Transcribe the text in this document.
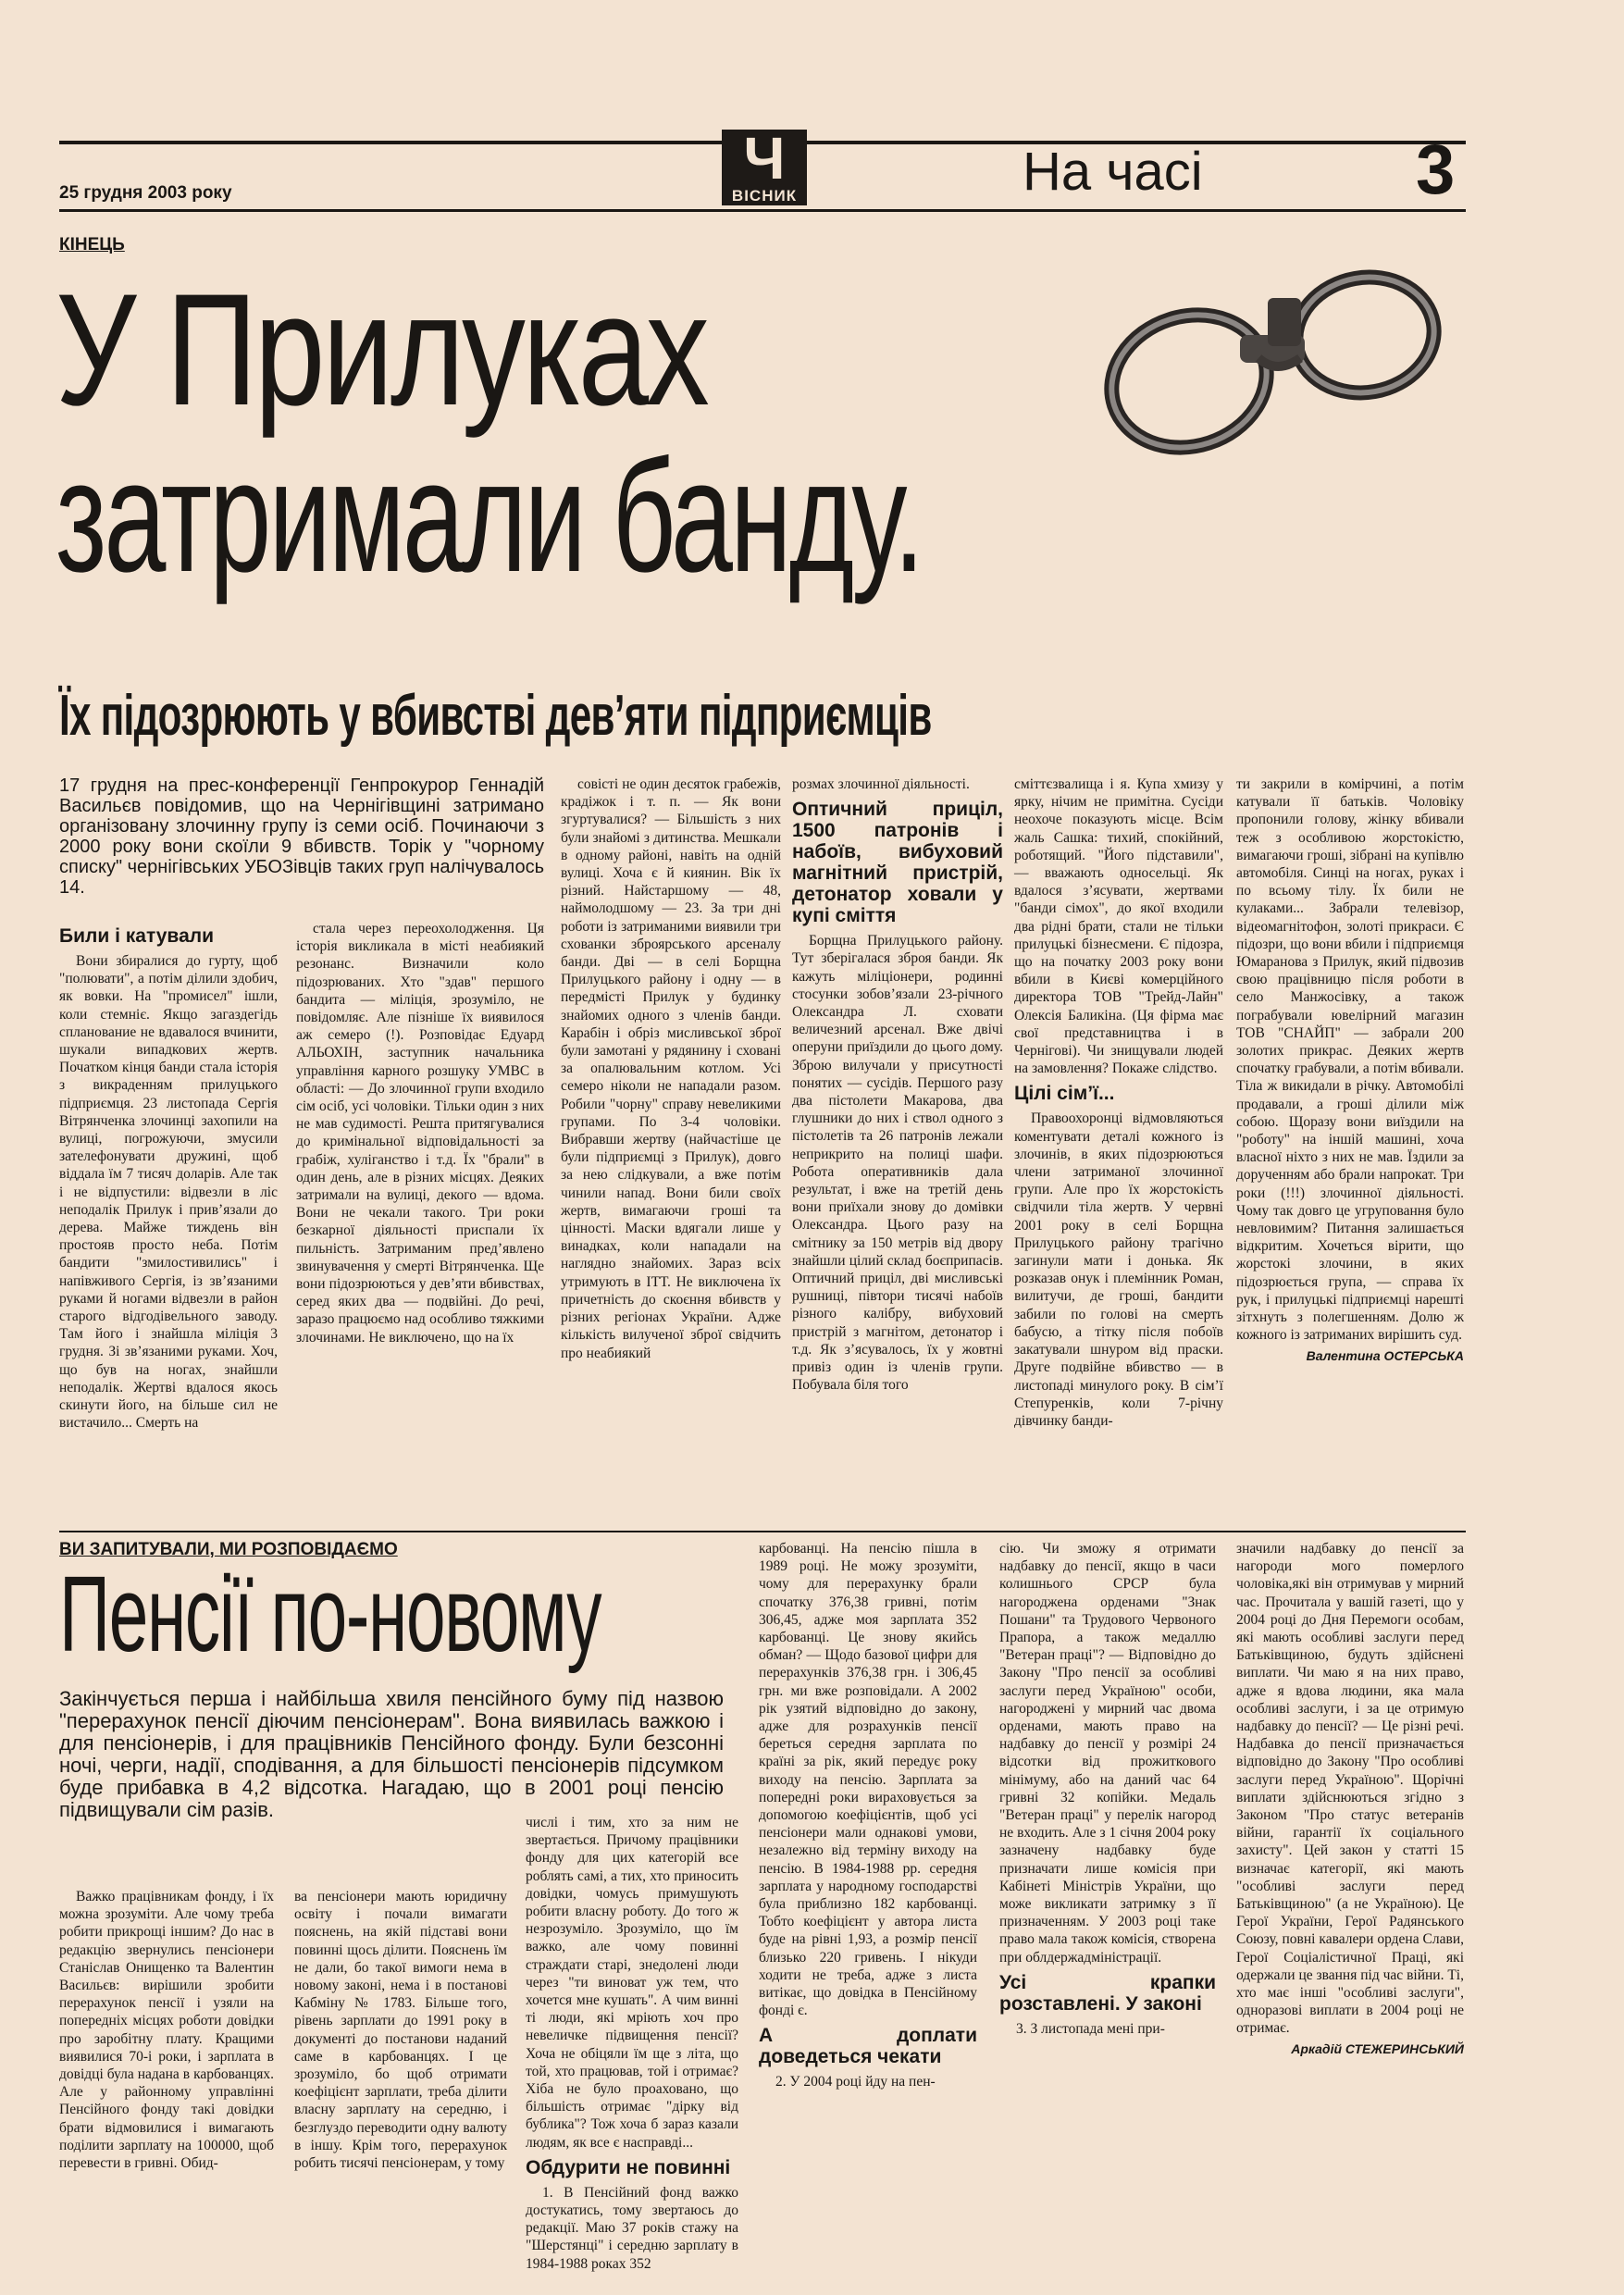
25 грудня 2003 року
Ч
ВІСНИК	На часі	3
КІНЕЦЬ
У Прилуках
затримали банду.
Їх підозрюють у вбивстві дев’яти підприємців
17 грудня на прес-конференції Генпрокурор Геннадій Васильєв повідомив, що на Чернігівщині затримано організовану злочинну групу із семи осіб. Починаючи з 2000 року вони скоїли 9 вбивств. Торік у "чорному списку" чернігівських УБОЗівців таких груп налічувалось 14.
Били і катували

Вони збиралися до гурту, щоб "полювати", а потім ділили здобич, як вовки. На "промисел" ішли, коли стемніє. Якщо загаздегідь спланование не вдавалося вчинити, шукали випадкових жертв. Початком кінця банди стала історія з викраденням прилуцького підприємця. 23 листопада Сергія Вітрянченка злочинці захопили на вулиці, погрожуючи, змусили зателефонувати дружині, щоб віддала їм 7 тисяч доларів. Але так і не відпустили: відвезли в ліс неподалік Прилук і прив’язали до дерева. Майже тиждень він простояв просто неба. Потім бандити "змилостивились" і напівживого Сергія, із зв’язаними руками й ногами відвезли в район старого відгодівельного заводу. Там його і знайшла міліція 3 грудня. Зі зв’язаними руками. Хоч, що був на ногах, знайшли неподалік. Жертві вдалося якось скинути його, на більше сил не вистачило... Смерть на

стала через переохолодження. Ця історія викликала в місті неабиякий резонанс. Визначили коло підозрюваних. Хто "здав" першого бандита — міліція, зрозуміло, не повідомляє. Але пізніше їх виявилося аж семеро (!). Розповідає Едуард АЛЬОХІН, заступник начальника управління карного розшуку УМВС в області: — До злочинної групи входило сім осіб, усі чоловіки. Тільки один з них не мав судимості. Решта притягувалися до кримінальної відповідальності за грабіж, хуліганство і т.д. Їх "брали" в один день, але в різних місцях. Деяких затримали на вулиці, декого — вдома. Вони не чекали такого. Три роки безкарної діяльності приспали їх пильність. Затриманим пред’явлено звинувачення у смерті Вітрянченка. Ще вони підозрюються у дев’яти вбивствах, серед яких два — подвійні. До речі, заразо працюємо над особливо тяжкими злочинами. Не виключено, що на їх

совісті не один десяток грабежів, крадіжок і т. п. — Як вони згуртувалися? — Більшість з них були знайомі з дитинства. Мешкали в одному районі, навіть на одній вулиці. Хоча є й киянин. Вік їх різний. Найстаршому — 48, наймолодшому — 23. За три дні роботи із затриманими виявили три схованки зброярського арсеналу банди. Дві — в селі Борщна Прилуцького району і одну — в передмісті Прилук у будинку знайомих одного з членів банди. Карабін і обріз мисливської зброї були замотані у рядянину і сховані за опалювальним котлом. Усі семеро ніколи не нападали разом. Робили "чорну" справу невеликими групами. По 3-4 чоловіки. Вибравши жертву (найчастіше це були підприємці з Прилук), довго за нею слідкували, а вже потім чинили напад. Вони били своїх жертв, вимагаючи гроші та цінності. Маски вдягали лише у винадках, коли нападали на наглядно знайомих. Зараз всіх утримують в ІТТ. Не виключена їх причетність до скоєння вбивств у різних регіонах України. Адже кількість вилученої зброї свідчить про неабиякий

розмах злочинної діяльності.

Оптичний приціл, 1500 патронів і набоїв, вибуховий магнітний пристрій, детонатор ховали у купі сміття

Борщна Прилуцького району. Тут зберігалася зброя банди. Як кажуть міліціонери, родинні стосунки зобов’язали 23-річного Олександра Л. сховати величезний арсенал. Вже двічі оперуни приїздили до цього дому. Зброю вилучали у присутності понятих — сусідів. Першого разу два пістолети Макарова, два глушники до них і ствол одного з пістолетів та 26 патронів лежали неприкрито на полиці шафи. Робота оперативників дала результат, і вже на третій день вони приїхали знову до домівки Олександра. Цього разу на смітнику за 150 метрів від двору знайшли цілий склад боєприпасів. Оптичний приціл, дві мисливські рушниці, півтори тисячі набоїв різного калібру, вибуховий пристрій з магнітом, детонатор і т.д. Як з’ясувалось, їх у жовтні привіз один із членів групи. Побувала біля того

сміттєзвалища і я. Купа хмизу у ярку, нічим не примітна. Сусіди неохоче показують місце. Всім жаль Сашка: тихий, спокійний, роботящий. "Його підставили", — вважають односельці. Як вдалося з’ясувати, жертвами "банди сімох", до якої входили два рідні брати, стали не тільки прилуцькі бізнесмени. Є підозра, що на початку 2003 року вони вбили в Києві комерційного директора ТОВ "Трейд-Лайн" Олексія Баликіна. (Ця фірма має свої представництва і в Чернігові). Чи знищували людей на замовлення? Покаже слідство.

Цілі сім’ї...

Правоохоронці відмовляються коментувати деталі кожного із злочинів, в яких підозрюються члени затриманої злочинної групи. Але про їх жорстокість свідчили тіла жертв. У червні 2001 року в селі Борщна Прилуцького району трагічно загинули мати і донька. Як розказав онук і племінник Роман, вилитучи, де гроші, бандити забили по голові на смерть бабусю, а тітку після побоїв закатували шнуром від праски. Друге подвійне вбивство — в листопаді минулого року. В сім’ї Степуренків, коли 7-річну дівчинку банди-

ти закрили в комірчині, а потім катували її батьків. Чоловіку пропонили голову, жінку вбивали теж з особливою жорстокістю, вимагаючи гроші, зібрані на купівлю автомобіля. Синці на ногах, руках і по всьому тілу. Їх били не кулаками... Забрали телевізор, відеомагнітофон, золоті прикраси. Є підозри, що вони вбили і підприємця Юмаранова з Прилук, який підвозив свою працівницю після роботи в село Манжосівку, а також пограбували ювелірний магазин ТОВ "СНАЙП" — забрали 200 золотих прикрас. Деяких жертв спочатку грабували, а потім вбивали. Тіла ж викидали в річку. Автомобілі продавали, а гроші ділили між собою. Щоразу вони виїздили на "роботу" на іншій машині, хоча власної ніхто з них не мав. Їздили за дорученням або брали напрокат. Три роки (!!!) злочинної діяльності. Чому так довго це угруповання було невловимим? Питання залишається відкритим. Хочеться вірити, що жорстокі злочини, в яких підозрюється група, — справа їх рук, і прилуцькі підприємці нарешті зітхнуть з полегшенням. Долю ж кожного із затриманих вирішить суд.

Валентина ОСТЕРСЬКА
ВИ ЗАПИТУВАЛИ, МИ РОЗПОВІДАЄМО
Пенсії по-новому
Закінчується перша і найбільша хвиля пенсійного буму під назвою "перерахунок пенсії діючим пенсіонерам". Вона виявилась важкою і для пенсіонерів, і для працівників Пенсійного фонду. Були безсонні ночі, черги, надії, сподівання, а для більшості пенсіонерів підсумком буде прибавка в 4,2 відсотка. Нагадаю, що в 2001 році пенсію підвищували сім разів.

Важко працівникам фонду, і їх можна зрозуміти. Але чому треба робити прикрощі іншим? До нас в редакцію звернулись пенсіонери Станіслав Онищенко та Валентин Васильєв: вирішили зробити перерахунок пенсії і узяли на попередніх місцях роботи довідки про заробітну плату. Кращими виявилися 70-і роки, і зарплата в довідці була надана в карбованцях. Але у районному управлінні Пенсійного фонду такі довідки брати відмовилися і вимагають поділити зарплату на 100000, щоб перевести в гривні. Обид-

ва пенсіонери мають юридичну освіту і почали вимагати пояснень, на якій підставі вони повинні щось ділити. Пояснень їм не дали, бо такої вимоги нема в новому законі, нема і в постанові Кабміну № 1783. Більше того, рівень зарплати до 1991 року в документі до постанови наданий саме в карбованцях. І це зрозуміло, бо щоб отримати коефіцієнт зарплати, треба ділити власну зарплату на середню, і безглуздо переводити одну валюту в іншу. Крім того, перерахунок робить тисячі пенсіонерам, у тому

числі і тим, хто за ним не звертається. Причому працівники фонду для цих категорій все роблять самі, а тих, хто приносить довідки, чомусь примушують робити власну роботу. До того ж незрозуміло. Зрозуміло, що їм важко, але чому повинні страждати старі, знедолені люди через "ти виноват уж тем, что хочется мне кушать". А чим винні ті люди, які мріють хоч про невеличке підвищення пенсії? Хоча не обіцяли їм ще з літа, що той, хто працював, той і отримає? Хіба не було проаховано, що більшість отримає "дірку від бублика"? Тож хоча б зараз казали людям, як все є насправді...

Обдурити не повинні

1. В Пенсійний фонд важко достукатись, тому звертаюсь до редакції. Маю 37 років стажу на "Шерстянці" і середню зарплату в 1984-1988 роках 352

карбованці. На пенсію пішла в 1989 році. Не можу зрозуміти, чому для перерахунку брали спочатку 376,38 гривні, потім 306,45, адже моя зарплата 352 карбованці. Це знову якийсь обман? — Щодо базової цифри для перерахунків 376,38 грн. і 306,45 грн. ми вже розповідали. А 2002 рік узятий відповідно до закону, адже для розрахунків пенсії береться середня зарплата по країні за рік, який передує року виходу на пенсію. Зарплата за попередні роки вираховується за допомогою коефіцієнтів, щоб усі пенсіонери мали однакові умови, незалежно від терміну виходу на пенсію. В 1984-1988 рр. середня зарплата у народному господарстві була приблизно 182 карбованці. Тобто коефіцієнт у автора листа буде на рівні 1,93, а розмір пенсії близько 220 гривень. І нікуди ходити не треба, адже з листа витікає, що довідка в Пенсійному фонді є.

А доплати доведеться чекати

2. У 2004 році йду на пен-

сію. Чи зможу я отримати надбавку до пенсії, якщо в часи колишнього СРСР була нагороджена орденами "Знак Пошани" та Трудового Червоного Прапора, а також медаллю "Ветеран праці"? — Відповідно до Закону "Про пенсії за особливі заслуги перед Україною" особи, нагороджені у мирний час двома орденами, мають право на надбавку до пенсії у розмірі 24 відсотки від прожиткового мінімуму, або на даний час 64 гривні 32 копійки. Медаль "Ветеран праці" у перелік нагород не входить. Але з 1 січня 2004 року зазначену надбавку буде призначати лише комісія при Кабінеті Міністрів України, що може викликати затримку з її призначенням. У 2003 році таке право мала також комісія, створена при облдержадміністрації.

Усі крапки розставлені. У законі

3. З листопада мені при-

значили надбавку до пенсії за нагороди мого померлого чоловіка,які він отримував у мирний час. Прочитала у вашій газеті, що у 2004 році до Дня Перемоги особам, які мають особливі заслуги перед Батьківщиною, будуть здійснені виплати. Чи маю я на них право, адже я вдова людини, яка мала особливі заслуги, і за це отримую надбавку до пенсії? — Це різні речі. Надбавка до пенсії призначається відповідно до Закону "Про особливі заслуги перед Україною". Щорічні виплати здійснюються згідно з Законом "Про статус ветеранів війни, гарантії їх соціального захисту". Цей закон у статті 15 визначає категорії, які мають "особливі заслуги перед Батьківщиною" (а не Україною). Це Герої України, Герої Радянського Союзу, повні кавалери ордена Слави, Герої Соціалістичної Праці, які одержали це звання під час війни. Ті, хто має інші "особливі заслуги", одноразові виплати в 2004 році не отримає.

Аркадій СТЕЖЕРИНСЬКИЙ
